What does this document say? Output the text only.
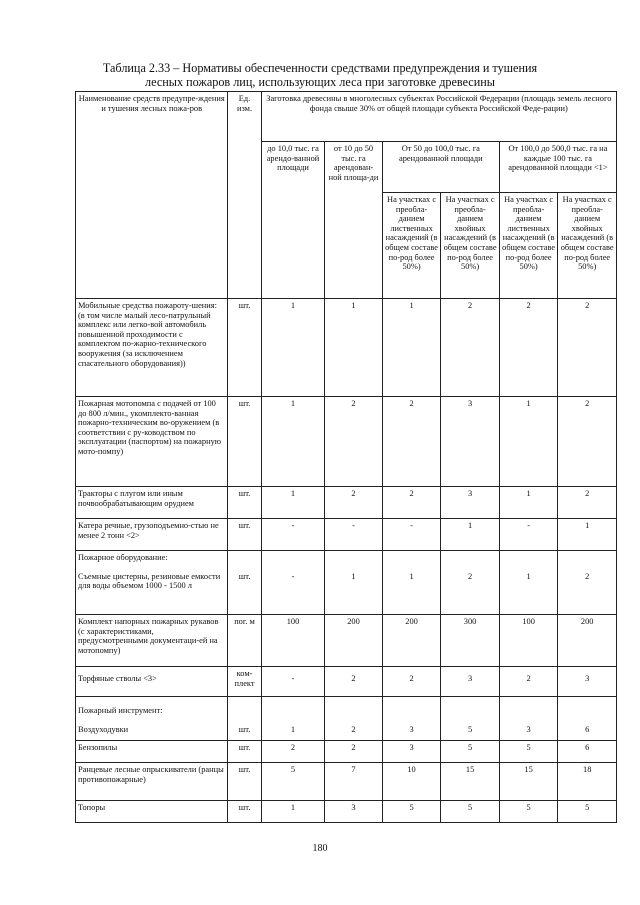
Таблица 2.33 – Нормативы обеспеченности средствами предупреждения и тушения
лесных пожаров лиц, использующих леса при заготовке древесины
Наименование средств предупре-ждения и тушения лесных пожа-ров	Ед. изм.	Заготовка древесины в многолесных субъектах Российской Федерации (площадь земель лесного фонда свыше 30% от общей площади субъекта Российской Феде-рации)					
		до 10,0 тыс. га арендо-ванной площади	от 10 до 50 тыс. га арендован-ной площа-ди	От 50 до 100,0 тыс. га арендованной площади		От 100,0 до 500,0 тыс. га на каждые 100 тыс. га арендованной площади <1>	
				На участках с преобла-данием лиственных насаждений (в общем составе по-род более 50%)	На участках с преобла-данием хвойных насаждений (в общем составе по-род более 50%)	На участках с преобла-данием лиственных насаждений (в общем составе по-род более 50%)	На участках с преобла-данием хвойных насаждений (в общем составе по-род более 50%)
Мобильные средства пожароту-шения: (в том числе малый лесо-патрульный комплекс или легко-вой автомобиль повышенной проходимости с комплектом по-жарно-технического вооружения (за исключением спасательного оборудования))	шт.	1	1	1	2	2	2
Пожарная мотопомпа с подачей от 100 до 800 л/мин., укомплекто-ванная пожарно-техническим во-оружением (в соответствии с ру-ководством по эксплуатации (паспортом) на пожарную мото-помпу)	шт.	1	2	2	3	1	2
Тракторы с плугом или иным почвообрабатывающим орудием	шт.	1	2	2	3	1	2
Катера речные, грузоподъемно-стью не менее 2 тонн <2>	шт.	-	-	-	1	-	1

Пожарное оборудование:
Съемные цистерны, резиновые емкости для воды объемом 1000 - 1500 л	шт.	-	1	1	2	1	2
Комплект напорных пожарных рукавов (с характеристиками, предусмотренными документаци-ей на мотопомпу)	пог. м	100	200	200	300	100	200
Торфяные стволы <3>	ком-плект	-	2	2	3	2	3

Пожарный инструмент:
Воздуходувки	шт.	1	2	3	5	3	6
Бензопилы	шт.	2	2	3	5	5	6
Ранцевые лесные опрыскиватели (ранцы противопожарные)	шт.	5	7	10	15	15	18
Топоры	шт.	1	3	5	5	5	5
180
